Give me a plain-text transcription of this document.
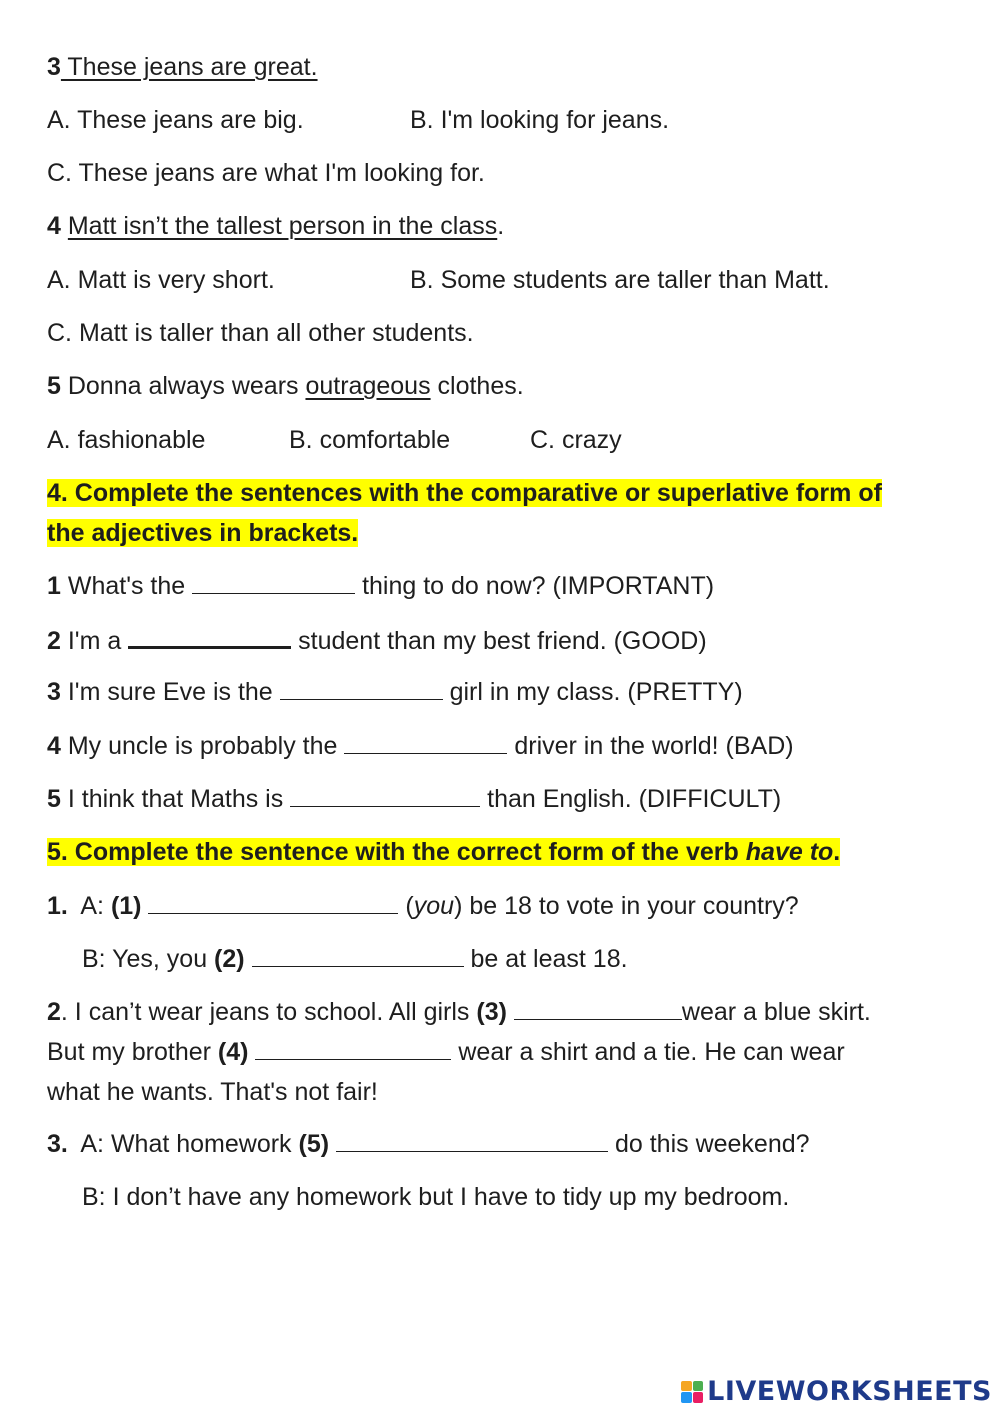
3 These jeans are great.
A. These jeans are big.	B. I'm looking for jeans.
C. These jeans are what I'm looking for.
4 Matt isn’t the tallest person in the class.
A. Matt is very short.	B. Some students are taller than Matt.
C. Matt is taller than all other students.
5 Donna always wears outrageous clothes.
A. fashionable	B. comfortable	C. crazy
4. Complete the sentences with the comparative or superlative form of
the adjectives in brackets.
1 What's the	thing to do now? (IMPORTANT)
2 I'm a	student than my best friend. (GOOD)
3 I'm sure Eve is the	girl in my class. (PRETTY)
4 My uncle is probably the	driver in the world! (BAD)
5 I think that Maths is	than English. (DIFFICULT)
5. Complete the sentence with the correct form of the verb have to.
1.  A: (1)	(you) be 18 to vote in your country?
B: Yes, you (2)	be at least 18.
2. I can’t wear jeans to school. All girls (3)	wear a blue skirt.
But my brother (4)	wear a shirt and a tie. He can wear
what he wants. That's not fair!
3.  A: What homework (5)	do this weekend?
B: I don’t have any homework but I have to tidy up my bedroom.
LIVEWORKSHEETS
